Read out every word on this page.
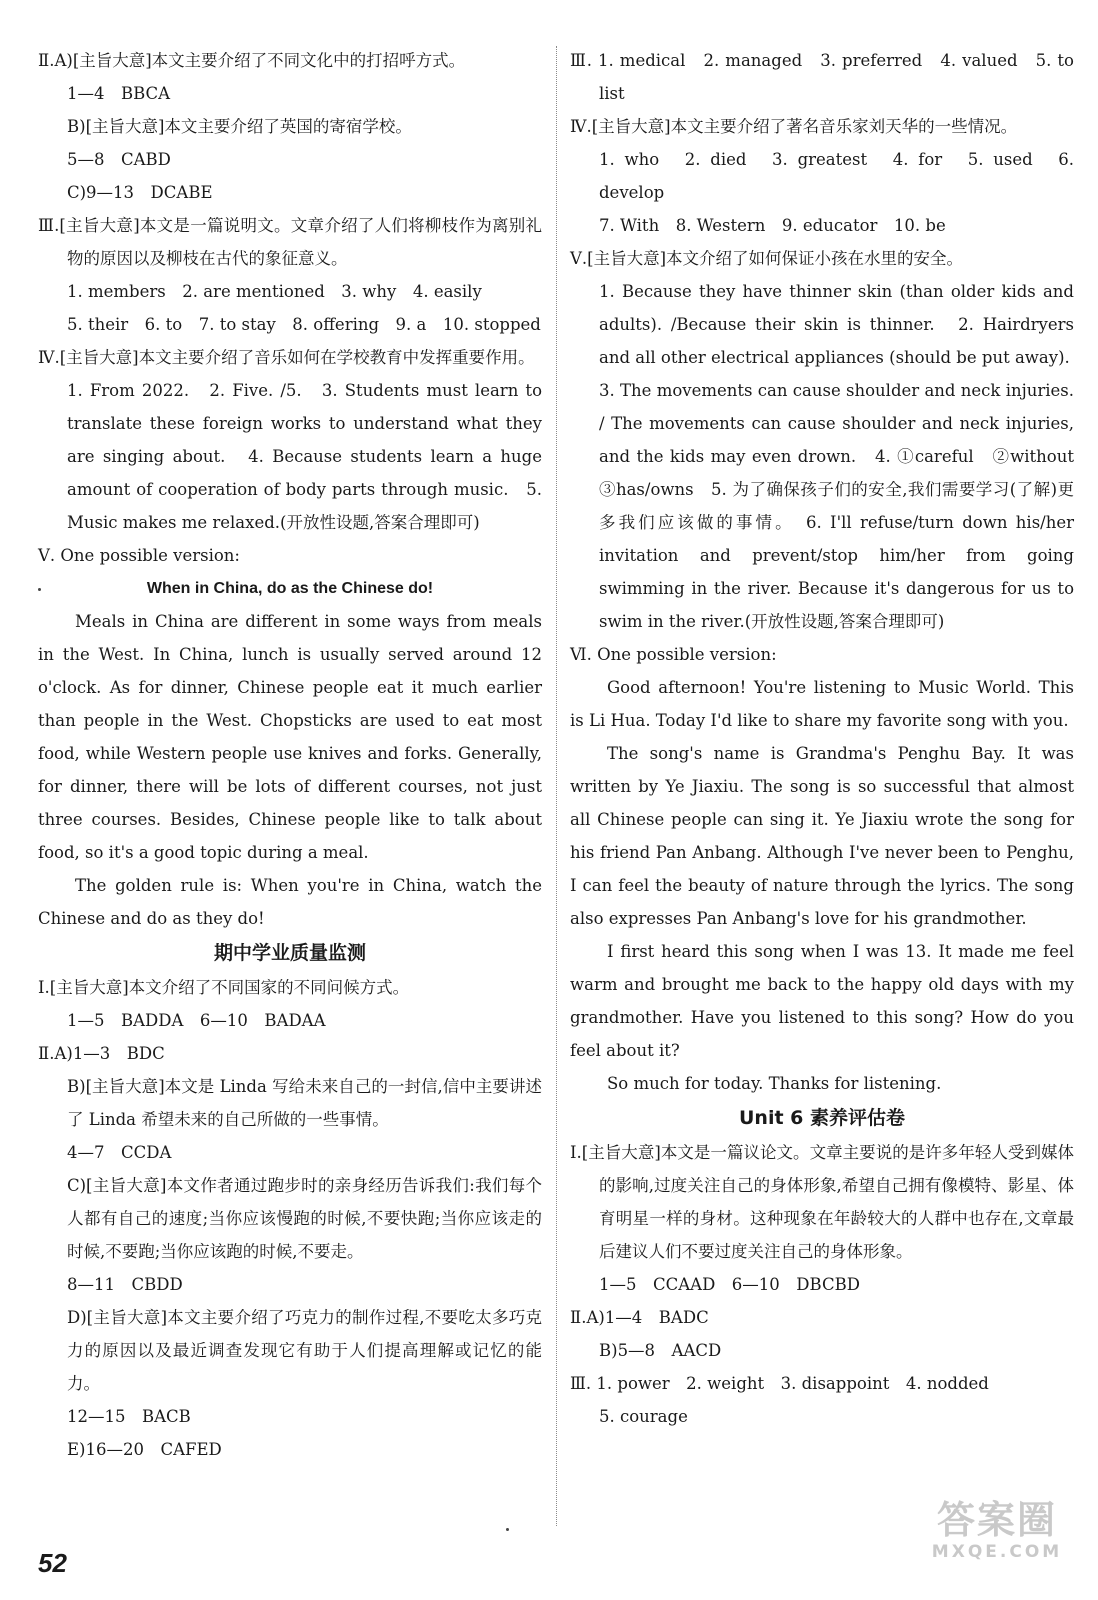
Ⅱ.A)[主旨大意]本文主要介绍了不同文化中的打招呼方式。

1—4　BBCA

B)[主旨大意]本文主要介绍了英国的寄宿学校。

5—8　CABD

C)9—13　DCABE

Ⅲ.[主旨大意]本文是一篇说明文。文章介绍了人们将柳枝作为离别礼物的原因以及柳枝在古代的象征意义。

1. members　2. are mentioned　3. why　4. easily

5. their　6. to　7. to stay　8. offering　9. a　10. stopped

Ⅳ.[主旨大意]本文主要介绍了音乐如何在学校教育中发挥重要作用。

1. From 2022.　2. Five. /5.　3. Students must learn to translate these foreign works to understand what they are singing about.　4. Because students learn a huge amount of cooperation of body parts through music.　5. Music makes me relaxed.(开放性设题,答案合理即可)

Ⅴ. One possible version:

When in China, do as the Chinese do!

Meals in China are different in some ways from meals in the West. In China, lunch is usually served around 12 o'clock. As for dinner, Chinese people eat it much earlier than people in the West. Chopsticks are used to eat most food, while Western people use knives and forks. Generally, for dinner, there will be lots of different courses, not just three courses. Besides, Chinese people like to talk about food, so it's a good topic during a meal.

The golden rule is: When you're in China, watch the Chinese and do as they do!

期中学业质量监测

Ⅰ.[主旨大意]本文介绍了不同国家的不同问候方式。

1—5　BADDA　6—10　BADAA

Ⅱ.A)1—3　BDC

B)[主旨大意]本文是 Linda 写给未来自己的一封信,信中主要讲述了 Linda 希望未来的自己所做的一些事情。

4—7　CCDA

C)[主旨大意]本文作者通过跑步时的亲身经历告诉我们:我们每个人都有自己的速度;当你应该慢跑的时候,不要快跑;当你应该走的时候,不要跑;当你应该跑的时候,不要走。

8—11　CBDD

D)[主旨大意]本文主要介绍了巧克力的制作过程,不要吃太多巧克力的原因以及最近调查发现它有助于人们提高理解或记忆的能力。

12—15　BACB

E)16—20　CAFED

Ⅲ. 1. medical　2. managed　3. preferred　4. valued　5. to list

Ⅳ.[主旨大意]本文主要介绍了著名音乐家刘天华的一些情况。

1. who　2. died　3. greatest　4. for　5. used　6. develop

7. With　8. Western　9. educator　10. be

Ⅴ.[主旨大意]本文介绍了如何保证小孩在水里的安全。

1. Because they have thinner skin (than older kids and adults). /Because their skin is thinner.　2. Hairdryers and all other electrical appliances (should be put away).

3. The movements can cause shoulder and neck injuries. / The movements can cause shoulder and neck injuries, and the kids may even drown.　4. ①careful　②without ③has/owns　5. 为了确保孩子们的安全,我们需要学习(了解)更多我们应该做的事情。　6. I'll refuse/turn down his/her invitation and prevent/stop him/her from going swimming in the river. Because it's dangerous for us to swim in the river.(开放性设题,答案合理即可)

Ⅵ. One possible version:

Good afternoon! You're listening to Music World. This is Li Hua. Today I'd like to share my favorite song with you.

The song's name is Grandma's Penghu Bay. It was written by Ye Jiaxiu. The song is so successful that almost all Chinese people can sing it. Ye Jiaxiu wrote the song for his friend Pan Anbang. Although I've never been to Penghu, I can feel the beauty of nature through the lyrics. The song also expresses Pan Anbang's love for his grandmother.

I first heard this song when I was 13. It made me feel warm and brought me back to the happy old days with my grandmother. Have you listened to this song? How do you feel about it?

So much for today. Thanks for listening.

Unit 6 素养评估卷

Ⅰ.[主旨大意]本文是一篇议论文。文章主要说的是许多年轻人受到媒体的影响,过度关注自己的身体形象,希望自己拥有像模特、影星、体育明星一样的身材。这种现象在年龄较大的人群中也存在,文章最后建议人们不要过度关注自己的身体形象。

1—5　CCAAD　6—10　DBCBD

Ⅱ.A)1—4　BADC

B)5—8　AACD

Ⅲ. 1. power　2. weight　3. disappoint　4. nodded

5. courage

52
答案圈
MXQE.COM
